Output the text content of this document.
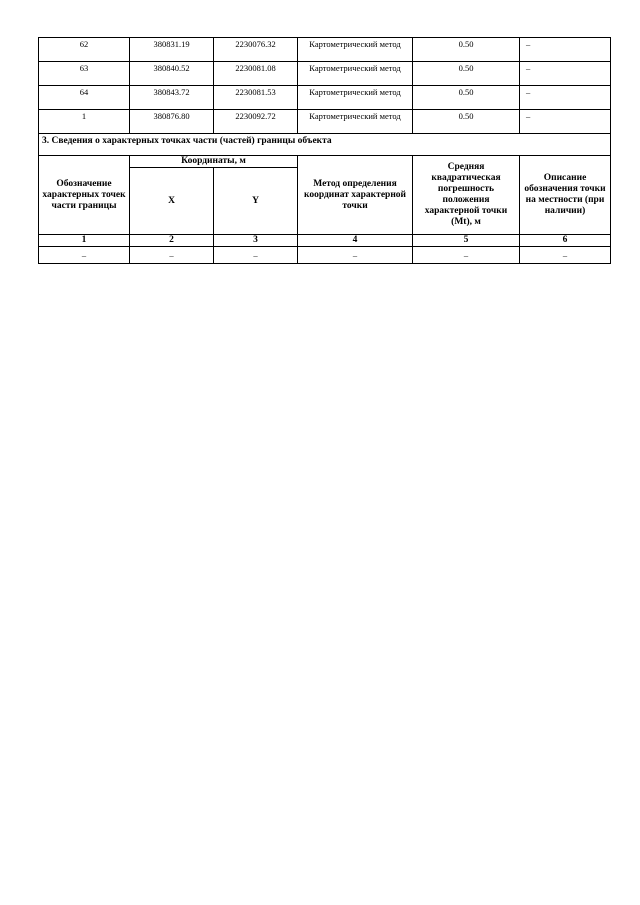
62	380831.19	2230076.32	Картометрический метод	0.50	–
63	380840.52	2230081.08	Картометрический метод	0.50	–
64	380843.72	2230081.53	Картометрический метод	0.50	–
1	380876.80	2230092.72	Картометрический метод	0.50	–
3. Сведения о характерных точках части (частей) границы объекта					
Обозначение характерных точек части границы	Координаты, м		Метод определения координат характерной точки	Средняя квадратическая погрешность положения характерной точки (Mt), м	Описание обозначения точки на местности (при наличии)
	X	Y			
1	2	3	4	5	6
–	–	–	–	–	–
